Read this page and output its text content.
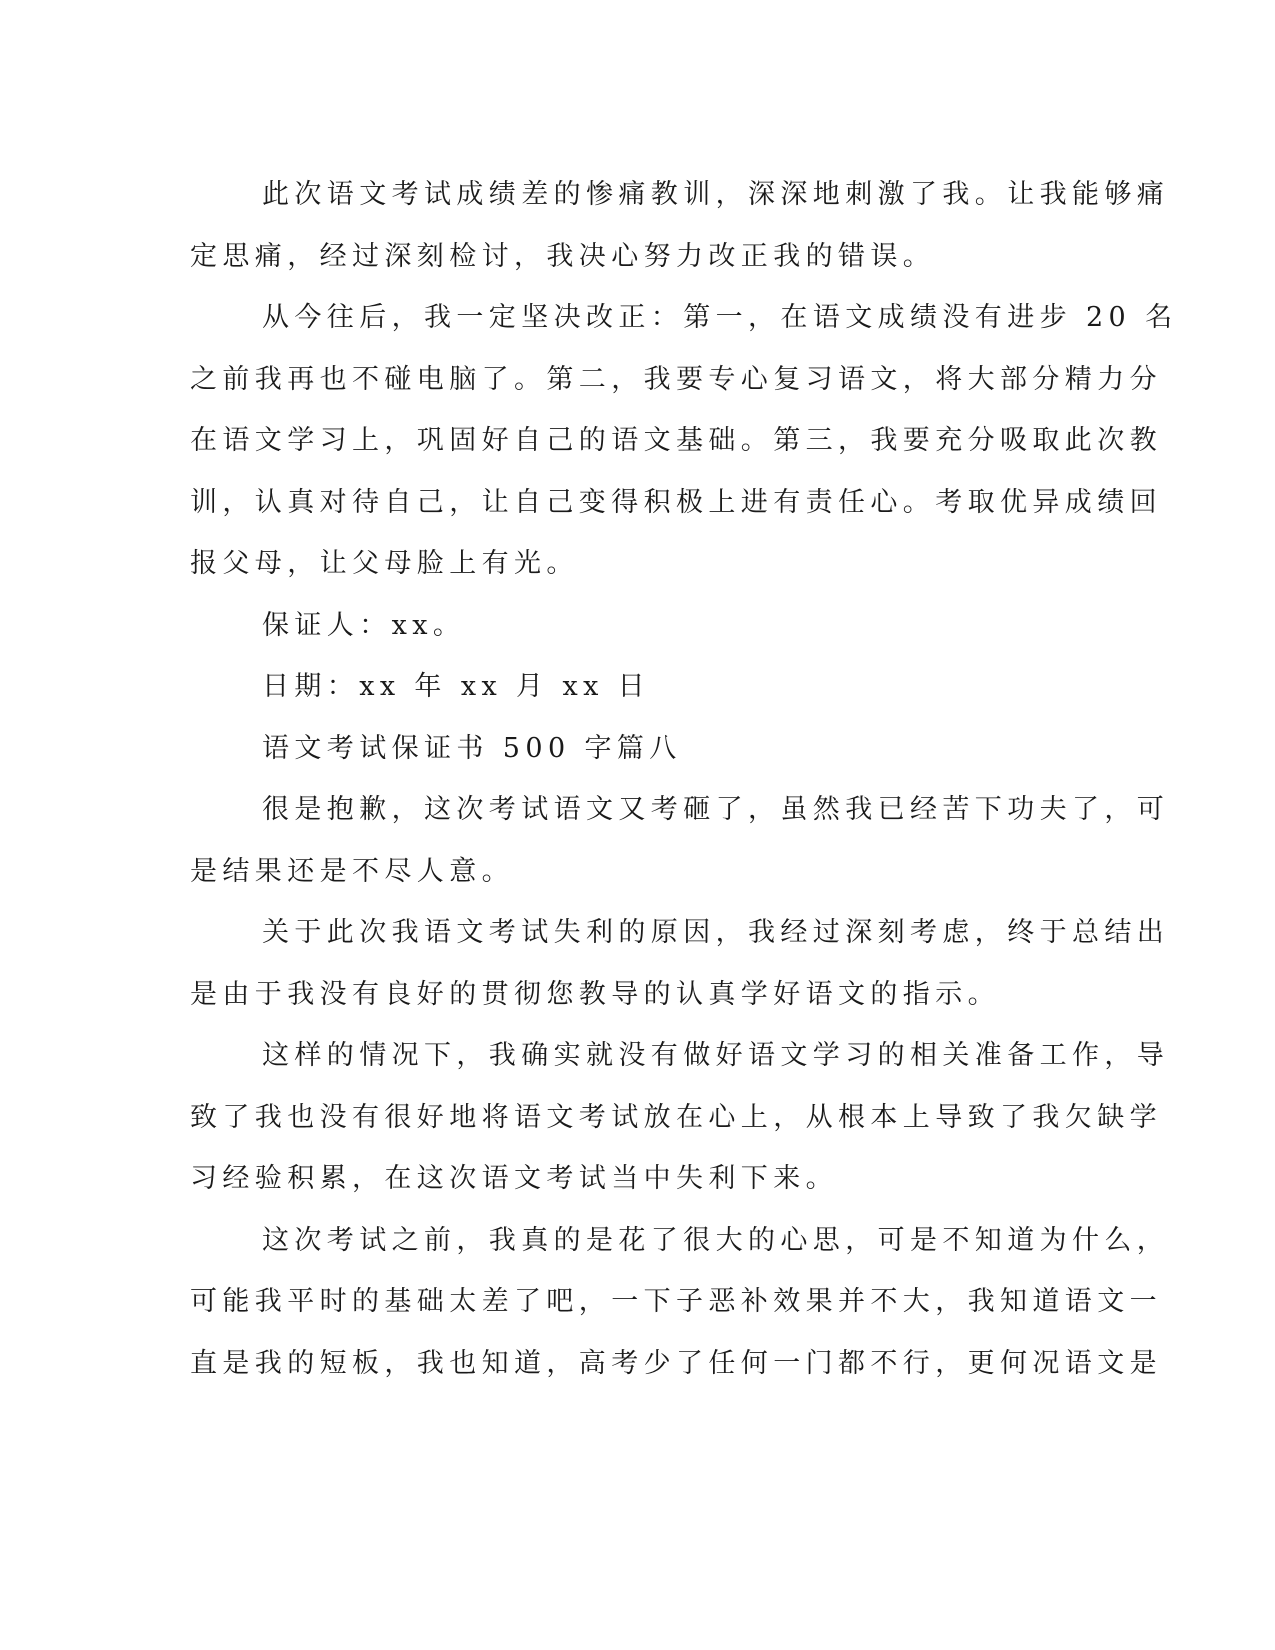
此次语文考试成绩差的惨痛教训，深深地刺激了我。让我能够痛
定思痛，经过深刻检讨，我决心努力改正我的错误。
从今往后，我一定坚决改正：第一，在语文成绩没有进步 20 名
之前我再也不碰电脑了。第二，我要专心复习语文，将大部分精力分
在语文学习上，巩固好自己的语文基础。第三，我要充分吸取此次教
训，认真对待自己，让自己变得积极上进有责任心。考取优异成绩回
报父母，让父母脸上有光。
保证人：xx。
日期：xx 年 xx 月 xx 日
语文考试保证书 500 字篇八
很是抱歉，这次考试语文又考砸了，虽然我已经苦下功夫了，可
是结果还是不尽人意。
关于此次我语文考试失利的原因，我经过深刻考虑，终于总结出
是由于我没有良好的贯彻您教导的认真学好语文的指示。
这样的情况下，我确实就没有做好语文学习的相关准备工作，导
致了我也没有很好地将语文考试放在心上，从根本上导致了我欠缺学
习经验积累，在这次语文考试当中失利下来。
这次考试之前，我真的是花了很大的心思，可是不知道为什么，
可能我平时的基础太差了吧，一下子恶补效果并不大，我知道语文一
直是我的短板，我也知道，高考少了任何一门都不行，更何况语文是
